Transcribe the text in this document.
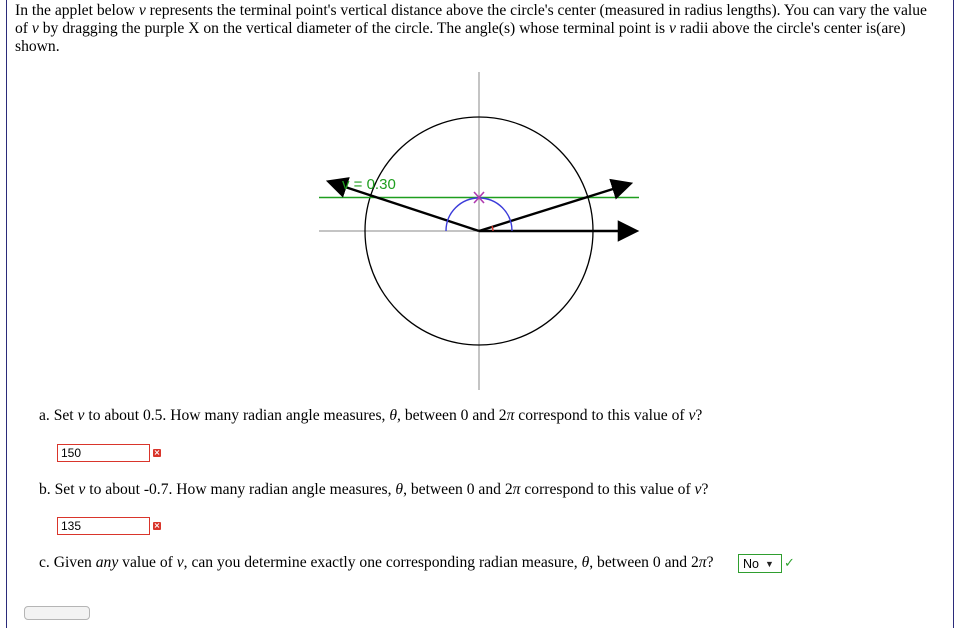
In the applet below v represents the terminal point's vertical distance above the circle's center (measured in radius lengths). You can vary the value of v by dragging the purple X on the vertical diameter of the circle. The angle(s) whose terminal point is v radii above the circle's center is(are) shown.

v = 0.30

a. Set v to about 0.5. How many radian angle measures, θ, between 0 and 2π correspond to this value of v?

150
×

b. Set v to about -0.7. How many radian angle measures, θ, between 0 and 2π correspond to this value of v?

135
×

c. Given any value of v, can you determine exactly one corresponding radian measure, θ, between 0 and 2π? No ▼ ✓
